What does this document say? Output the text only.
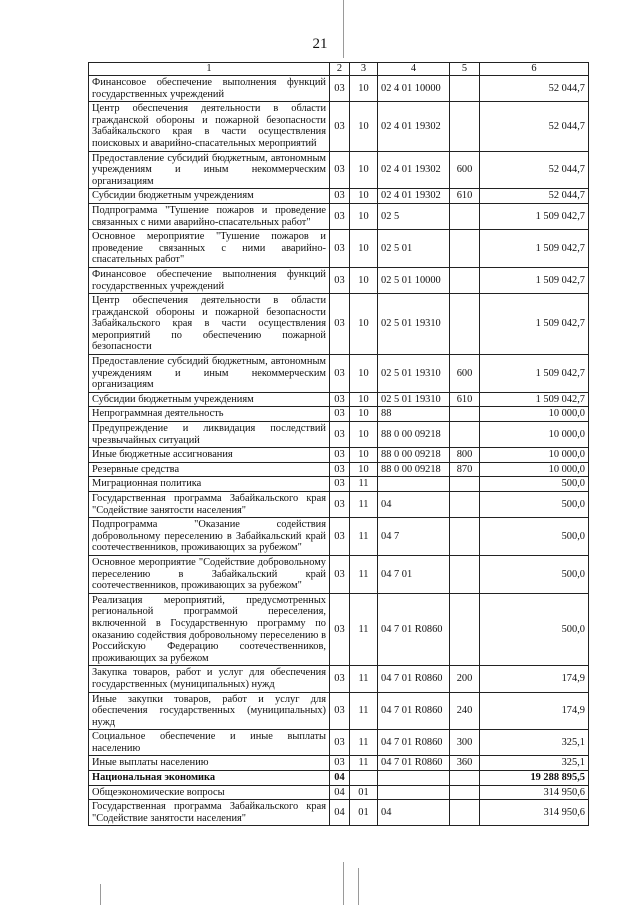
21
1	2	3	4	5	6
Финансовое обеспечение выполнения функций государственных учреждений	03	10	02 4 01 10000		52 044,7
Центр обеспечения деятельности в области гражданской обороны и пожарной безопасности Забайкальского края в части осуществления поисковых и аварийно-спасательных мероприятий	03	10	02 4 01 19302		52 044,7
Предоставление субсидий бюджетным, автономным учреждениям и иным некоммерческим организациям	03	10	02 4 01 19302	600	52 044,7
Субсидии бюджетным учреждениям	03	10	02 4 01 19302	610	52 044,7
Подпрограмма "Тушение пожаров и проведение связанных с ними аварийно-спасательных работ"	03	10	02 5		1 509 042,7
Основное мероприятие "Тушение пожаров и проведение связанных с ними аварийно-спасательных работ"	03	10	02 5 01		1 509 042,7
Финансовое обеспечение выполнения функций государственных учреждений	03	10	02 5 01 10000		1 509 042,7
Центр обеспечения деятельности в области гражданской обороны и пожарной безопасности Забайкальского края в части осуществления мероприятий по обеспечению пожарной безопасности	03	10	02 5 01 19310		1 509 042,7
Предоставление субсидий бюджетным, автономным учреждениям и иным некоммерческим организациям	03	10	02 5 01 19310	600	1 509 042,7
Субсидии бюджетным учреждениям	03	10	02 5 01 19310	610	1 509 042,7
Непрограммная деятельность	03	10	88		10 000,0
Предупреждение и ликвидация последствий чрезвычайных ситуаций	03	10	88 0 00 09218		10 000,0
Иные бюджетные ассигнования	03	10	88 0 00 09218	800	10 000,0
Резервные средства	03	10	88 0 00 09218	870	10 000,0
Миграционная политика	03	11			500,0
Государственная программа Забайкальского края "Содействие занятости населения"	03	11	04		500,0
Подпрограмма "Оказание содействия добровольному переселению в Забайкальский край соотечественников, проживающих за рубежом"	03	11	04 7		500,0
Основное мероприятие "Содействие добровольному переселению в Забайкальский край соотечественников, проживающих за рубежом"	03	11	04 7 01		500,0
Реализация мероприятий, предусмотренных региональной программой переселения, включенной в Государственную программу по оказанию содействия добровольному переселению в Российскую Федерацию соотечественников, проживающих за рубежом	03	11	04 7 01 R0860		500,0
Закупка товаров, работ и услуг для обеспечения государственных (муниципальных) нужд	03	11	04 7 01 R0860	200	174,9
Иные закупки товаров, работ и услуг для обеспечения государственных (муниципальных) нужд	03	11	04 7 01 R0860	240	174,9
Социальное обеспечение и иные выплаты населению	03	11	04 7 01 R0860	300	325,1
Иные выплаты населению	03	11	04 7 01 R0860	360	325,1
Национальная экономика	04				19 288 895,5
Общеэкономические вопросы	04	01			314 950,6
Государственная программа Забайкальского края "Содействие занятости населения"	04	01	04		314 950,6
